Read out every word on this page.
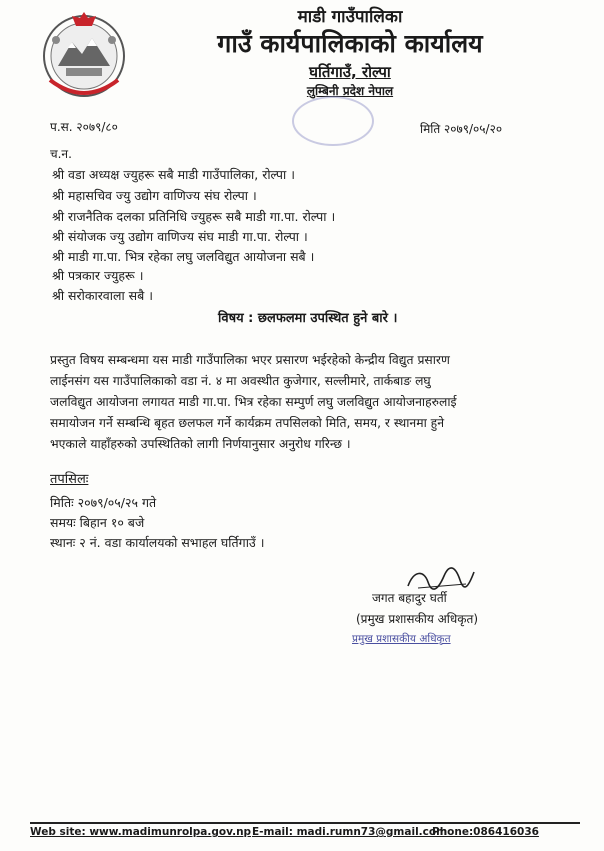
माडी गाउँपालिका
गाउँ कार्यपालिकाको कार्यालय
घर्तिगाउँ, रोल्पा
लुम्बिनी प्रदेश नेपाल
प.स. २०७९/८०	मिति २०७९/०५/२०
च.न.
श्री वडा अध्यक्ष ज्युहरू सबै माडी गाउँपालिका, रोल्पा ।
श्री महासचिव ज्यु उद्योग वाणिज्य संघ रोल्पा ।
श्री राजनैतिक दलका प्रतिनिधि ज्युहरू सबै माडी गा.पा. रोल्पा ।
श्री संयोजक ज्यु उद्योग वाणिज्य संघ माडी गा.पा. रोल्पा ।
श्री माडी गा.पा. भित्र रहेका लघु जलविद्युत आयोजना सबै ।
श्री पत्रकार ज्युहरू ।
श्री सरोकारवाला सबै ।
विषय : छलफलमा उपस्थित हुने बारे ।
प्रस्तुत विषय सम्बन्धमा यस माडी गाउँपालिका भएर प्रसारण भईरहेको केन्द्रीय विद्युत प्रसारण
लाईनसंग यस गाउँपालिकाको वडा नं. ४ मा अवस्थीत कुजेगार, सल्लीमारे, तार्कबाङ लघु
जलविद्युत आयोजना लगायत माडी गा.पा. भित्र रहेका सम्पुर्ण लघु जलविद्युत आयोजनाहरुलाई
समायोजन गर्ने सम्बन्धि बृहत छलफल गर्ने कार्यक्रम तपसिलको मिति, समय, र स्थानमा हुने
भएकाले याहाँहरुको उपस्थितिको लागी निर्णयानुसार अनुरोध गरिन्छ ।
तपसिलः
मितिः २०७९/०५/२५ गते
समयः बिहान १० बजे
स्थानः २ नं. वडा कार्यालयको सभाहल घर्तिगाउँ ।
जगत बहादुर घर्ती
(प्रमुख प्रशासकीय अधिकृत)
प्रमुख प्रशासकीय अधिकृत
Web site: www.madimunrolpa.gov.np E-mail: madi.rumn73@gmail.com
Phone:086416036
